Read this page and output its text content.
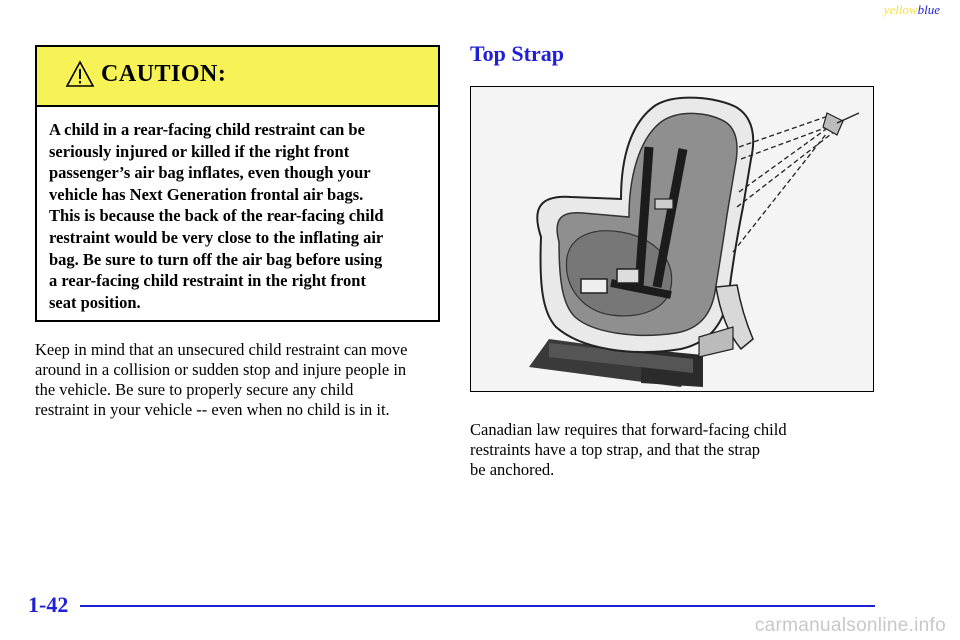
yellowblue
CAUTION:
A child in a rear-facing child restraint can be
seriously injured or killed if the right front
passenger’s air bag inflates, even though your
vehicle has Next Generation frontal air bags.
This is because the back of the rear-facing child
restraint would be very close to the inflating air
bag. Be sure to turn off the air bag before using
a rear-facing child restraint in the right front
seat position.
Keep in mind that an unsecured child restraint can move
around in a collision or sudden stop and injure people in
the vehicle. Be sure to properly secure any child
restraint in your vehicle -- even when no child is in it.
Top Strap
Canadian law requires that forward-facing child
restraints have a top strap, and that the strap
be anchored.
1-42
carmanualsonline.info
